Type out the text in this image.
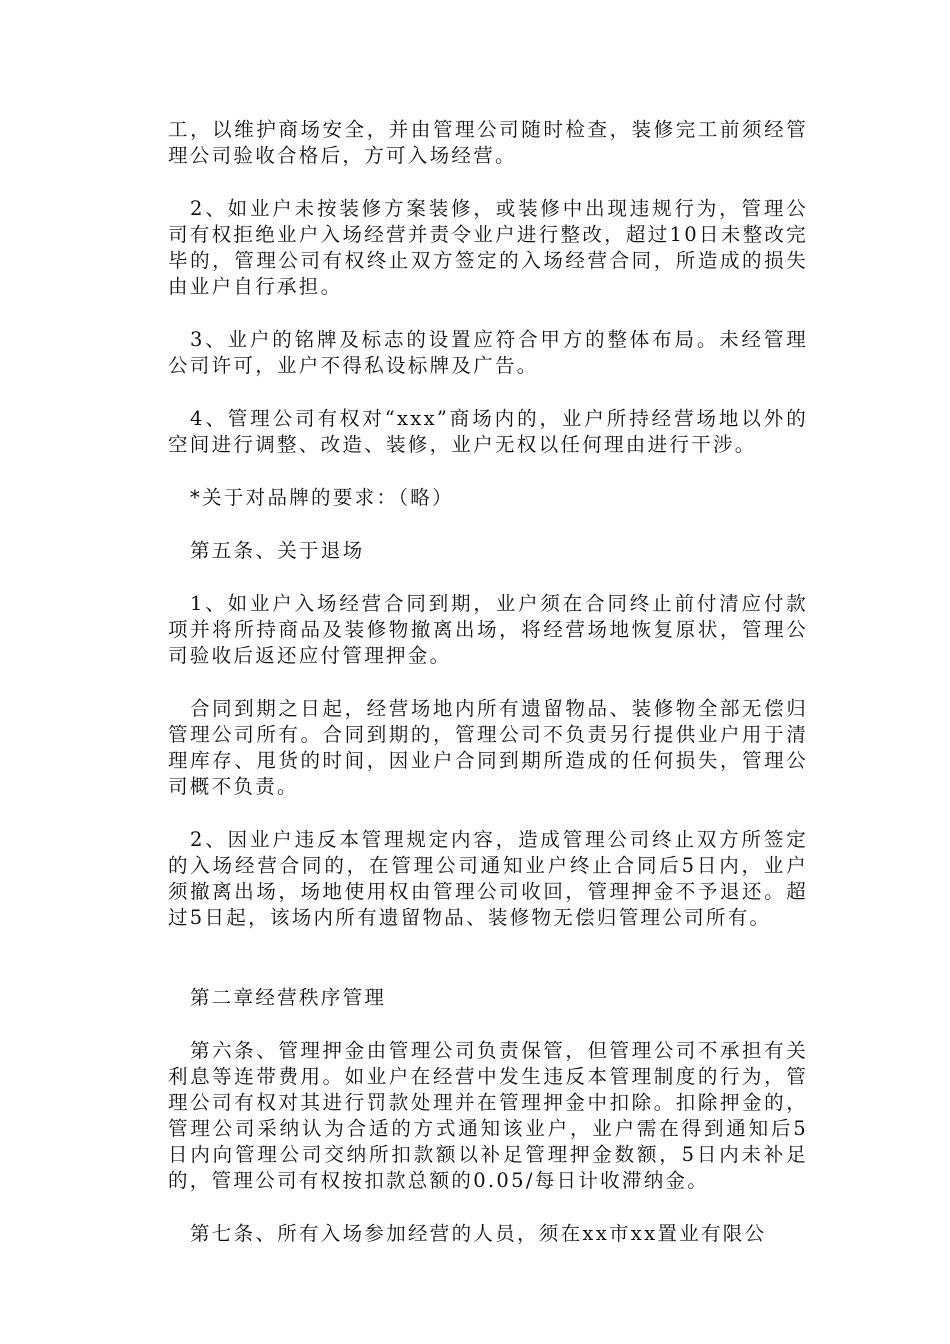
工，以维护商场安全，并由管理公司随时检查，装修完工前须经管理公司验收合格后，方可入场经营。

2、如业户未按装修方案装修，或装修中出现违规行为，管理公司有权拒绝业户入场经营并责令业户进行整改，超过10日未整改完毕的，管理公司有权终止双方签定的入场经营合同，所造成的损失由业户自行承担。

3、业户的铭牌及标志的设置应符合甲方的整体布局。未经管理公司许可，业户不得私设标牌及广告。

4、管理公司有权对“xxx”商场内的，业户所持经营场地以外的空间进行调整、改造、装修，业户无权以任何理由进行干涉。

*关于对品牌的要求：（略）

第五条、关于退场

1、如业户入场经营合同到期，业户须在合同终止前付清应付款项并将所持商品及装修物撤离出场，将经营场地恢复原状，管理公司验收后返还应付管理押金。

合同到期之日起，经营场地内所有遗留物品、装修物全部无偿归管理公司所有。合同到期的，管理公司不负责另行提供业户用于清理库存、甩货的时间，因业户合同到期所造成的任何损失，管理公司概不负责。

2、因业户违反本管理规定内容，造成管理公司终止双方所签定的入场经营合同的，在管理公司通知业户终止合同后5日内，业户须撤离出场，场地使用权由管理公司收回，管理押金不予退还。超过5日起，该场内所有遗留物品、装修物无偿归管理公司所有。

第二章经营秩序管理

第六条、管理押金由管理公司负责保管，但管理公司不承担有关利息等连带费用。如业户在经营中发生违反本管理制度的行为，管理公司有权对其进行罚款处理并在管理押金中扣除。扣除押金的，管理公司采纳认为合适的方式通知该业户，业户需在得到通知后5日内向管理公司交纳所扣款额以补足管理押金数额，5日内未补足的，管理公司有权按扣款总额的0.05/每日计收滞纳金。

第七条、所有入场参加经营的人员，须在xx市xx置业有限公
